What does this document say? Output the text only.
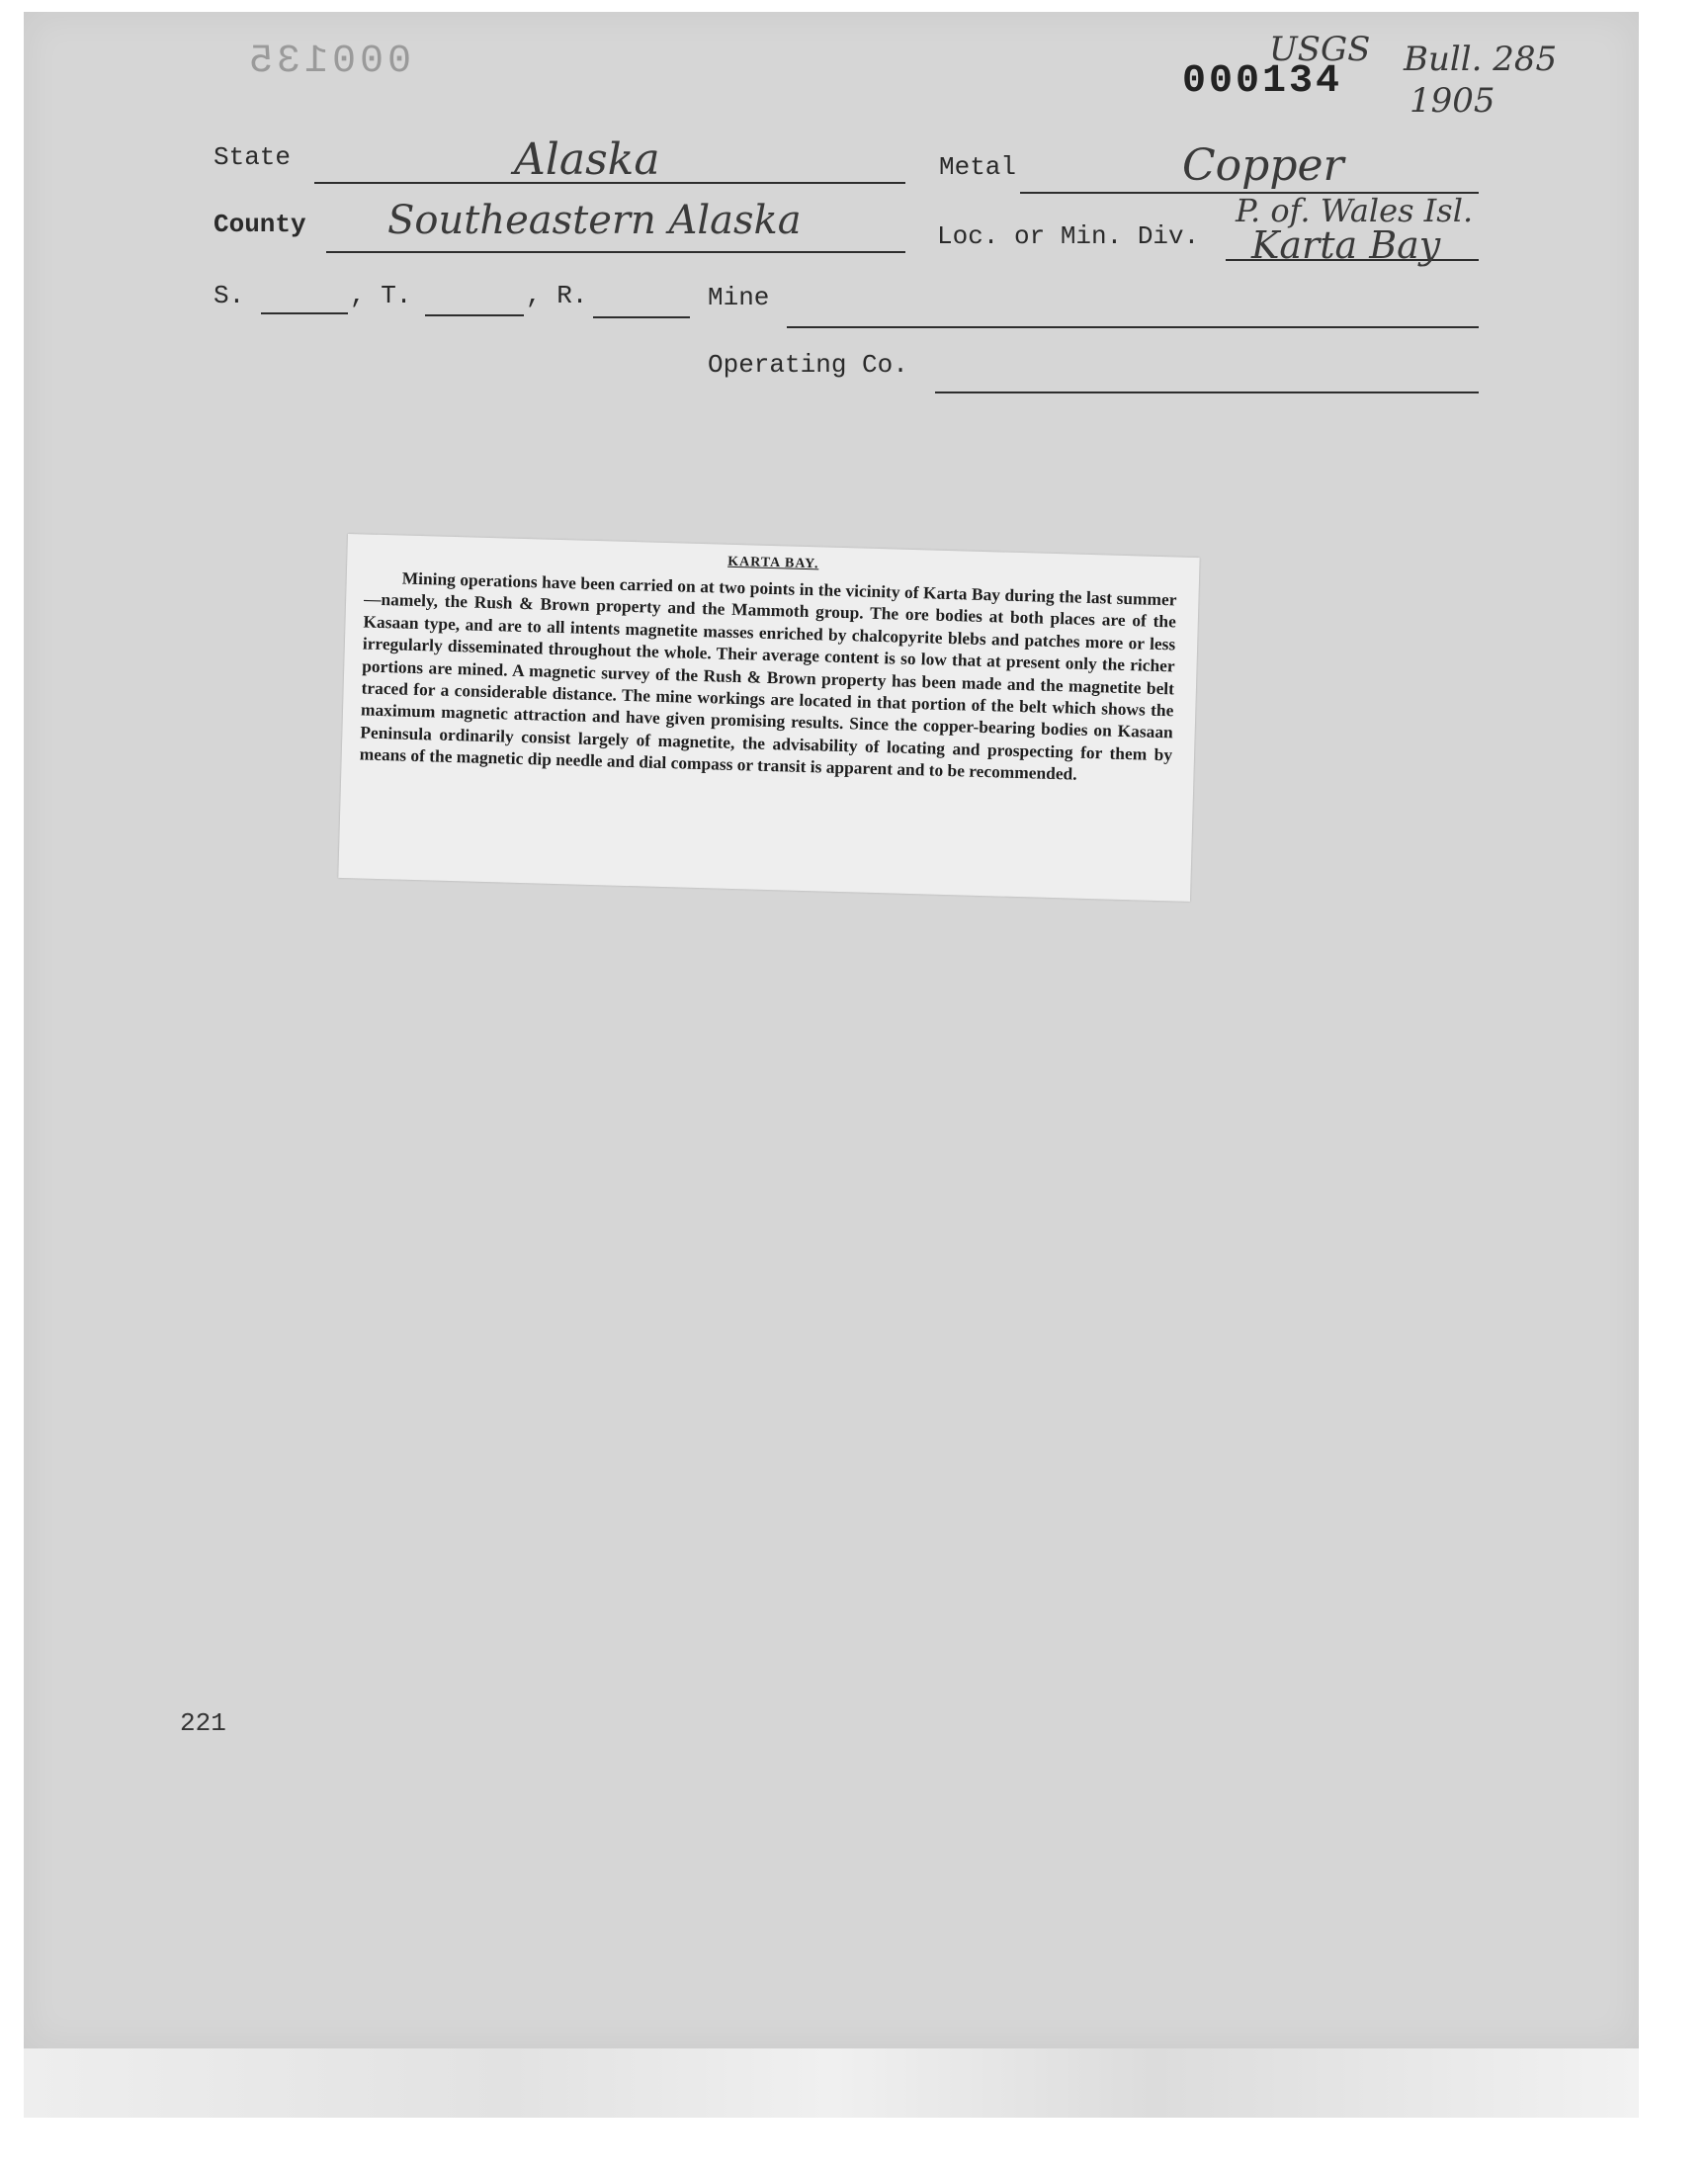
000135	000134
USGS Bull. 285
1905
State	Alaska	Metal	Copper
County Southeastern Alaska	Loc. or Min. Div.
P. of. Wales Isl.
Karta Bay
S.	, T.	, R.	Mine
Operating Co.
KARTA BAY.
Mining operations have been carried on at two points in the vicinity of Karta Bay during the last summer—namely, the Rush & Brown property and the Mammoth group. The ore bodies at both places are of the Kasaan type, and are to all intents magnetite masses enriched by chalcopyrite blebs and patches more or less irregularly disseminated throughout the whole. Their average content is so low that at present only the richer portions are mined. A magnetic survey of the Rush & Brown property has been made and the magnetite belt traced for a considerable distance. The mine workings are located in that portion of the belt which shows the maximum magnetic attraction and have given promising results. Since the copper-bearing bodies on Kasaan Peninsula ordinarily consist largely of magnetite, the advisability of locating and prospecting for them by means of the magnetic dip needle and dial compass or transit is apparent and to be recommended.
221
